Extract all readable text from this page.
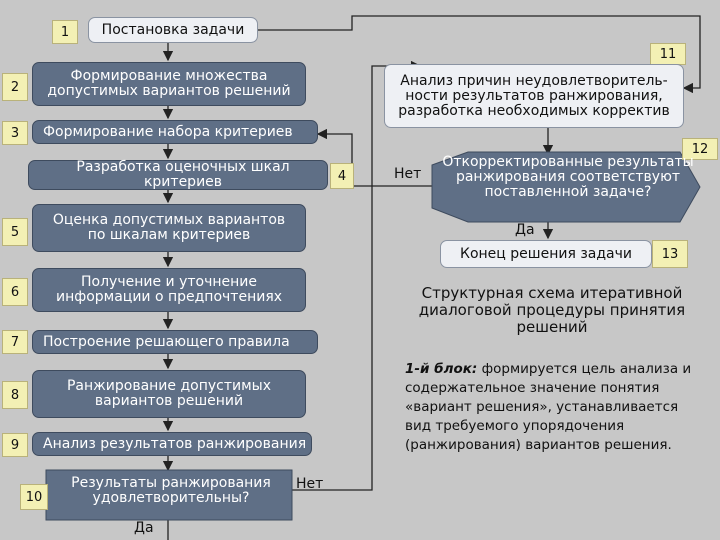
1	Постановка задачи
2
Формирование множества
допустимых вариантов решений
3	Формирование набора критериев
Разработка оценочных шкал критериев	4
5
Оценка допустимых вариантов
по шкалам критериев
6
Получение и уточнение
информации о предпочтениях
7	Построение решающего правила
8
Ранжирование допустимых
вариантов решений
9	Анализ результатов ранжирования
10
Результаты ранжирования
удовлетворительны?
Нет
Да
11
Анализ причин неудовлетворитель-
ности результатов ранжирования,
разработка необходимых корректив
12
Нет
Откорректированные результаты
ранжирования соответствуют
поставленной задаче?
Да
Конец решения задачи	13
Структурная схема итеративной диалоговой процедуры принятия решений
1-й блок: формируется цель анализа и содержательное значение понятия «вариант решения», устанавливается вид требуемого упорядочения (ранжирования) вариантов решения.
